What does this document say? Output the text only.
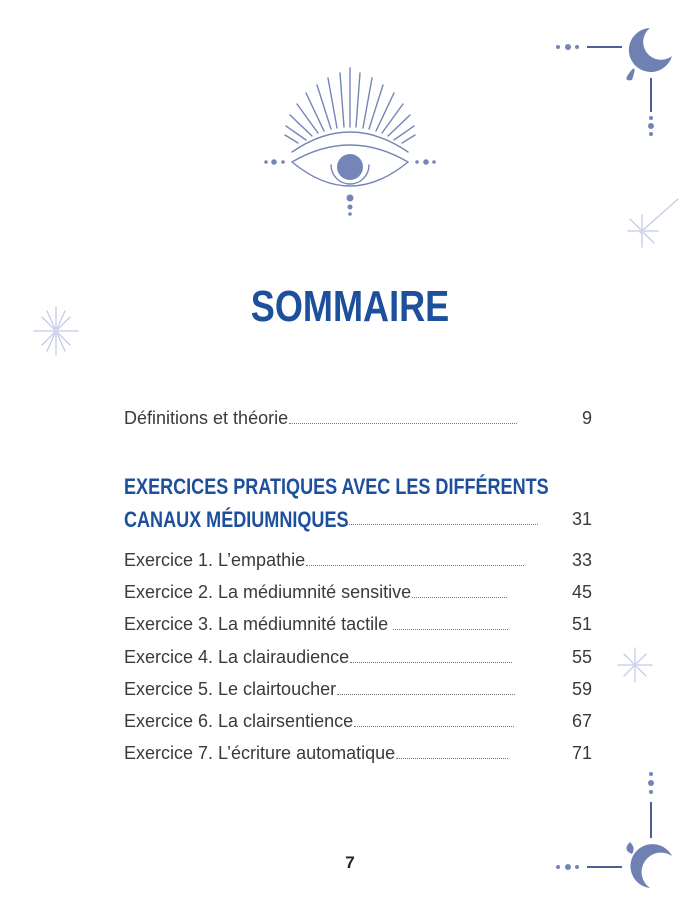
SOMMAIRE
Définitions et théorie	9
EXERCICES PRATIQUES AVEC LES DIFFÉRENTS
CANAUX MÉDIUMNIQUES	31
Exercice 1. L’empathie	33
Exercice 2. La médiumnité sensitive	45
Exercice 3. La médiumnité tactile	51
Exercice 4. La clairaudience	55
Exercice 5. Le clairtoucher	59
Exercice 6. La clairsentience	67
Exercice 7. L’écriture automatique	71
7
